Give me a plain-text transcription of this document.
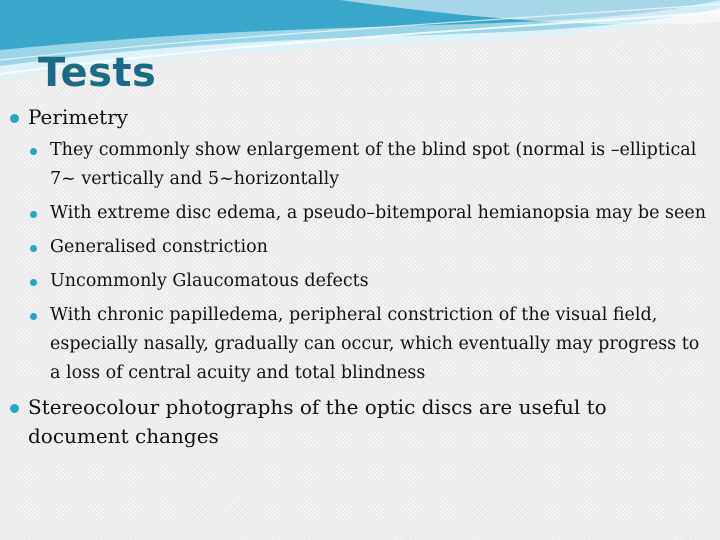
Tests
Perimetry
They commonly show enlargement of the blind spot (normal is –elliptical 7~ vertically and 5~horizontally
With extreme disc edema, a pseudo–bitemporal hemianopsia may be seen
Generalised constriction
Uncommonly Glaucomatous defects
With chronic papilledema, peripheral constriction of the visual field, especially nasally, gradually can occur, which eventually may progress to a loss of central acuity and total blindness
Stereocolour photographs of the optic discs are useful to document changes
